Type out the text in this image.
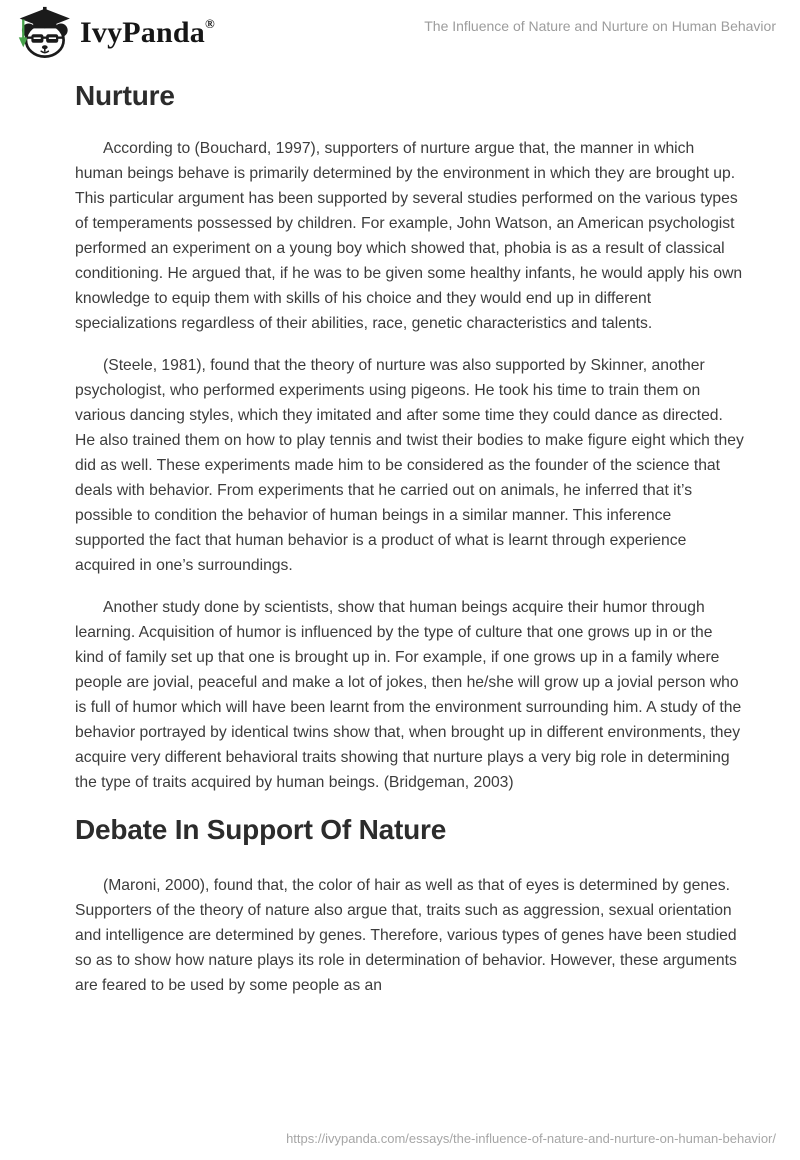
IvyPanda®	The Influence of Nature and Nurture on Human Behavior
Nurture

According to (Bouchard, 1997), supporters of nurture argue that, the manner in which human beings behave is primarily determined by the environment in which they are brought up. This particular argument has been supported by several studies performed on the various types of temperaments possessed by children. For example, John Watson, an American psychologist performed an experiment on a young boy which showed that, phobia is as a result of classical conditioning. He argued that, if he was to be given some healthy infants, he would apply his own knowledge to equip them with skills of his choice and they would end up in different specializations regardless of their abilities, race, genetic characteristics and talents.

(Steele, 1981), found that the theory of nurture was also supported by Skinner, another psychologist, who performed experiments using pigeons. He took his time to train them on various dancing styles, which they imitated and after some time they could dance as directed. He also trained them on how to play tennis and twist their bodies to make figure eight which they did as well. These experiments made him to be considered as the founder of the science that deals with behavior. From experiments that he carried out on animals, he inferred that it’s possible to condition the behavior of human beings in a similar manner. This inference supported the fact that human behavior is a product of what is learnt through experience acquired in one’s surroundings.

Another study done by scientists, show that human beings acquire their humor through learning. Acquisition of humor is influenced by the type of culture that one grows up in or the kind of family set up that one is brought up in. For example, if one grows up in a family where people are jovial, peaceful and make a lot of jokes, then he/she will grow up a jovial person who is full of humor which will have been learnt from the environment surrounding him. A study of the behavior portrayed by identical twins show that, when brought up in different environments, they acquire very different behavioral traits showing that nurture plays a very big role in determining the type of traits acquired by human beings. (Bridgeman, 2003)

Debate In Support Of Nature

(Maroni, 2000), found that, the color of hair as well as that of eyes is determined by genes. Supporters of the theory of nature also argue that, traits such as aggression, sexual orientation and intelligence are determined by genes. Therefore, various types of genes have been studied so as to show how nature plays its role in determination of behavior. However, these arguments are feared to be used by some people as an

https://ivypanda.com/essays/the-influence-of-nature-and-nurture-on-human-behavior/
